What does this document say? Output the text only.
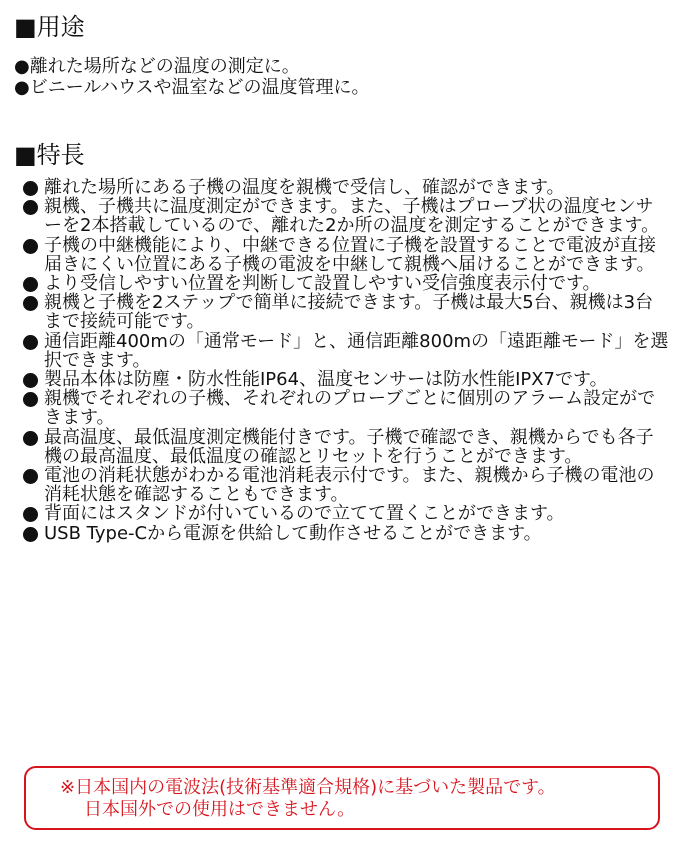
■用途
●離れた場所などの温度の測定に。
●ビニールハウスや温室などの温度管理に。
■特長
離れた場所にある子機の温度を親機で受信し、確認ができます。
親機、子機共に温度測定ができます。また、子機はプローブ状の温度センサーを2本搭載しているので、離れた2か所の温度を測定することができます。
子機の中継機能により、中継できる位置に子機を設置することで電波が直接届きにくい位置にある子機の電波を中継して親機へ届けることができます。
より受信しやすい位置を判断して設置しやすい受信強度表示付です。
親機と子機を2ステップで簡単に接続できます。子機は最大5台、親機は3台まで接続可能です。
通信距離400mの「通常モード」と、通信距離800mの「遠距離モード」を選択できます。
製品本体は防塵・防水性能IP64、温度センサーは防水性能IPX7です。
親機でそれぞれの子機、それぞれのプローブごとに個別のアラーム設定ができます。
最高温度、最低温度測定機能付きです。子機で確認でき、親機からでも各子機の最高温度、最低温度の確認とリセットを行うことができます。
電池の消耗状態がわかる電池消耗表示付です。また、親機から子機の電池の消耗状態を確認することもできます。
背面にはスタンドが付いているので立てて置くことができます。
USB Type-Cから電源を供給して動作させることができます。
※日本国内の電波法(技術基準適合規格)に基づいた製品です。
日本国外での使用はできません。
